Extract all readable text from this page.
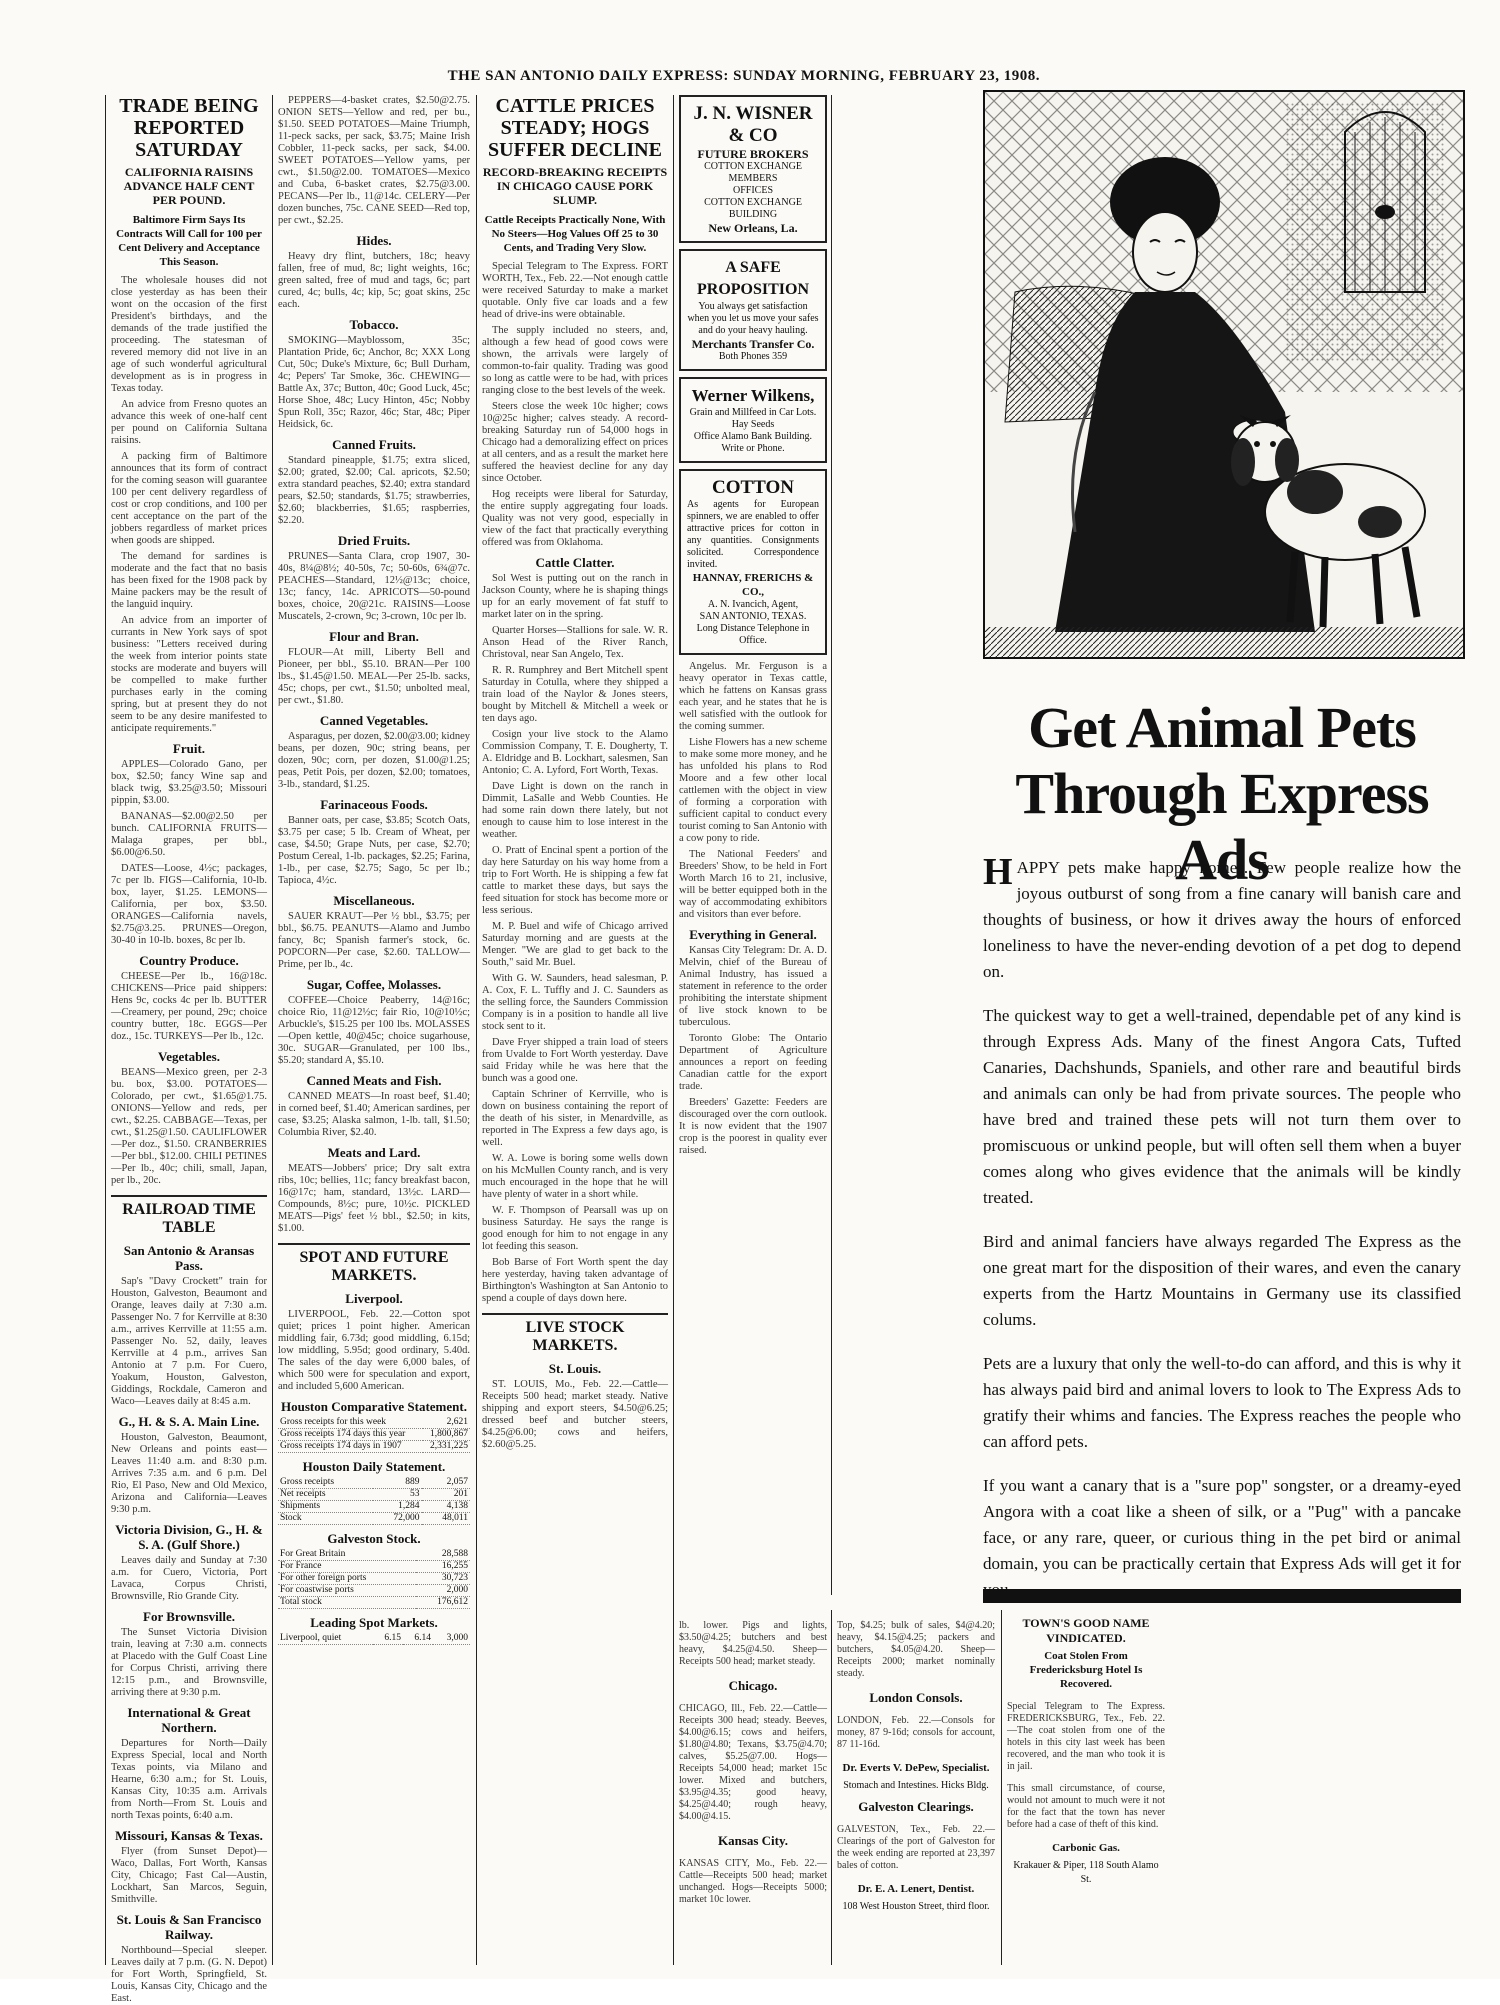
THE SAN ANTONIO DAILY EXPRESS: SUNDAY MORNING, FEBRUARY 23, 1908.
TRADE BEING REPORTED SATURDAY
CALIFORNIA RAISINS ADVANCE HALF CENT PER POUND.
Baltimore Firm Says Its Contracts Will Call for 100 per Cent Delivery and Acceptance This Season.

The wholesale houses did not close yesterday as has been their wont on the occasion of the first President's birthdays, and the demands of the trade justified the proceeding. The statesman of revered memory did not live in an age of such wonderful agricultural development as is in progress in Texas today.

An advice from Fresno quotes an advance this week of one-half cent per pound on California Sultana raisins.

A packing firm of Baltimore announces that its form of contract for the coming season will guarantee 100 per cent delivery regardless of cost or crop conditions, and 100 per cent acceptance on the part of the jobbers regardless of market prices when goods are shipped.

The demand for sardines is moderate and the fact that no basis has been fixed for the 1908 pack by Maine packers may be the result of the languid inquiry.

An advice from an importer of currants in New York says of spot business: "Letters received during the week from interior points state stocks are moderate and buyers will be compelled to make further purchases early in the coming spring, but at present they do not seem to be any desire manifested to anticipate requirements."

Fruit.

APPLES—Colorado Gano, per box, $2.50; fancy Wine sap and black twig, $3.25@3.50; Missouri pippin, $3.00.

BANANAS—$2.00@2.50 per bunch. CALIFORNIA FRUITS—Malaga grapes, per bbl., $6.00@6.50.

DATES—Loose, 4½c; packages, 7c per lb. FIGS—California, 10-lb. box, layer, $1.25. LEMONS—California, per box, $3.50. ORANGES—California navels, $2.75@3.25. PRUNES—Oregon, 30-40 in 10-lb. boxes, 8c per lb.

Country Produce.

CHEESE—Per lb., 16@18c. CHICKENS—Price paid shippers: Hens 9c, cocks 4c per lb. BUTTER—Creamery, per pound, 29c; choice country butter, 18c. EGGS—Per doz., 15c. TURKEYS—Per lb., 12c.

Vegetables.

BEANS—Mexico green, per 2-3 bu. box, $3.00. POTATOES—Colorado, per cwt., $1.65@1.75. ONIONS—Yellow and reds, per cwt., $2.25. CABBAGE—Texas, per cwt., $1.25@1.50. CAULIFLOWER—Per doz., $1.50. CRANBERRIES—Per bbl., $12.00. CHILI PETINES—Per lb., 40c; chili, small, Japan, per lb., 20c.

RAILROAD TIME TABLE
San Antonio & Aransas Pass.

Sap's "Davy Crockett" train for Houston, Galveston, Beaumont and Orange, leaves daily at 7:30 a.m. Passenger No. 7 for Kerrville at 8:30 a.m., arrives Kerrville at 11:55 a.m. Passenger No. 52, daily, leaves Kerrville at 4 p.m., arrives San Antonio at 7 p.m. For Cuero, Yoakum, Houston, Galveston, Giddings, Rockdale, Cameron and Waco—Leaves daily at 8:45 a.m.

G., H. & S. A. Main Line.

Houston, Galveston, Beaumont, New Orleans and points east—Leaves 11:40 a.m. and 8:30 p.m. Arrives 7:35 a.m. and 6 p.m. Del Rio, El Paso, New and Old Mexico, Arizona and California—Leaves 9:30 p.m.

Victoria Division, G., H. & S. A. (Gulf Shore.)

Leaves daily and Sunday at 7:30 a.m. for Cuero, Victoria, Port Lavaca, Corpus Christi, Brownsville, Rio Grande City.

For Brownsville.

The Sunset Victoria Division train, leaving at 7:30 a.m. connects at Placedo with the Gulf Coast Line for Corpus Christi, arriving there 12:15 p.m., and Brownsville, arriving there at 9:30 p.m.

International & Great Northern.

Departures for North—Daily Express Special, local and North Texas points, via Milano and Hearne, 6:30 a.m.; for St. Louis, Kansas City, 10:35 a.m. Arrivals from North—From St. Louis and north Texas points, 6:40 a.m.

Missouri, Kansas & Texas.

Flyer (from Sunset Depot)—Waco, Dallas, Fort Worth, Kansas City, Chicago; Fast Cal—Austin, Lockhart, San Marcos, Seguin, Smithville.

St. Louis & San Francisco Railway.

Northbound—Special sleeper. Leaves daily at 7 p.m. (G. N. Depot) for Fort Worth, Springfield, St. Louis, Kansas City, Chicago and the East.

PEPPERS—4-basket crates, $2.50@2.75. ONION SETS—Yellow and red, per bu., $1.50. SEED POTATOES—Maine Triumph, 11-peck sacks, per sack, $3.75; Maine Irish Cobbler, 11-peck sacks, per sack, $4.00. SWEET POTATOES—Yellow yams, per cwt., $1.50@2.00. TOMATOES—Mexico and Cuba, 6-basket crates, $2.75@3.00. PECANS—Per lb., 11@14c. CELERY—Per dozen bunches, 75c. CANE SEED—Red top, per cwt., $2.25.

Hides.

Heavy dry flint, butchers, 18c; heavy fallen, free of mud, 8c; light weights, 16c; green salted, free of mud and tags, 6c; part cured, 4c; bulls, 4c; kip, 5c; goat skins, 25c each.

Tobacco.

SMOKING—Mayblossom, 35c; Plantation Pride, 6c; Anchor, 8c; XXX Long Cut, 50c; Duke's Mixture, 6c; Bull Durham, 4c; Pepers' Tar Smoke, 36c. CHEWING—Battle Ax, 37c; Button, 40c; Good Luck, 45c; Horse Shoe, 48c; Lucy Hinton, 45c; Nobby Spun Roll, 35c; Razor, 46c; Star, 48c; Piper Heidsick, 6c.

Canned Fruits.

Standard pineapple, $1.75; extra sliced, $2.00; grated, $2.00; Cal. apricots, $2.50; extra standard peaches, $2.40; extra standard pears, $2.50; standards, $1.75; strawberries, $2.60; blackberries, $1.65; raspberries, $2.20.

Dried Fruits.

PRUNES—Santa Clara, crop 1907, 30-40s, 8¼@8½; 40-50s, 7c; 50-60s, 6¾@7c. PEACHES—Standard, 12½@13c; choice, 13c; fancy, 14c. APRICOTS—50-pound boxes, choice, 20@21c. RAISINS—Loose Muscatels, 2-crown, 9c; 3-crown, 10c per lb.

Flour and Bran.

FLOUR—At mill, Liberty Bell and Pioneer, per bbl., $5.10. BRAN—Per 100 lbs., $1.45@1.50. MEAL—Per 25-lb. sacks, 45c; chops, per cwt., $1.50; unbolted meal, per cwt., $1.80.

Canned Vegetables.

Asparagus, per dozen, $2.00@3.00; kidney beans, per dozen, 90c; string beans, per dozen, 90c; corn, per dozen, $1.00@1.25; peas, Petit Pois, per dozen, $2.00; tomatoes, 3-lb., standard, $1.25.

Farinaceous Foods.

Banner oats, per case, $3.85; Scotch Oats, $3.75 per case; 5 lb. Cream of Wheat, per case, $4.50; Grape Nuts, per case, $2.70; Postum Cereal, 1-lb. packages, $2.25; Farina, 1-lb., per case, $2.75; Sago, 5c per lb.; Tapioca, 4½c.

Miscellaneous.

SAUER KRAUT—Per ½ bbl., $3.75; per bbl., $6.75. PEANUTS—Alamo and Jumbo fancy, 8c; Spanish farmer's stock, 6c. POPCORN—Per case, $2.60. TALLOW—Prime, per lb., 4c.

Sugar, Coffee, Molasses.

COFFEE—Choice Peaberry, 14@16c; choice Rio, 11@12½c; fair Rio, 10@10½c; Arbuckle's, $15.25 per 100 lbs. MOLASSES—Open kettle, 40@45c; choice sugarhouse, 30c. SUGAR—Granulated, per 100 lbs., $5.20; standard A, $5.10.

Canned Meats and Fish.

CANNED MEATS—In roast beef, $1.40; in corned beef, $1.40; American sardines, per case, $3.25; Alaska salmon, 1-lb. tall, $1.50; Columbia River, $2.40.

Meats and Lard.

MEATS—Jobbers' price; Dry salt extra ribs, 10c; bellies, 11c; fancy breakfast bacon, 16@17c; ham, standard, 13½c. LARD—Compounds, 8½c; pure, 10½c. PICKLED MEATS—Pigs' feet ½ bbl., $2.50; in kits, $1.00.

SPOT AND FUTURE MARKETS.
Liverpool.

LIVERPOOL, Feb. 22.—Cotton spot quiet; prices 1 point higher. American middling fair, 6.73d; good middling, 6.15d; low middling, 5.95d; good ordinary, 5.40d. The sales of the day were 6,000 bales, of which 500 were for speculation and export, and included 5,600 American.

Houston Comparative Statement.
Gross receipts for this week	2,621
Gross receipts 174 days this year	1,800,867
Gross receipts 174 days in 1907	2,331,225
Houston Daily Statement.
Gross receipts	889	2,057
Net receipts	53	201
Shipments	1,284	4,138
Stock	72,000	48,011
Galveston Stock.
For Great Britain	28,588
For France	16,255
For other foreign ports	30,723
For coastwise ports	2,000
Total stock	176,612
Leading Spot Markets.
Liverpool, quiet	6.15	6.14	3,000
CATTLE PRICES STEADY; HOGS SUFFER DECLINE
RECORD-BREAKING RECEIPTS IN CHICAGO CAUSE PORK SLUMP.
Cattle Receipts Practically None, With No Steers—Hog Values Off 25 to 30 Cents, and Trading Very Slow.

Special Telegram to The Express. FORT WORTH, Tex., Feb. 22.—Not enough cattle were received Saturday to make a market quotable. Only five car loads and a few head of drive-ins were obtainable.

The supply included no steers, and, although a few head of good cows were shown, the arrivals were largely of common-to-fair quality. Trading was good so long as cattle were to be had, with prices ranging close to the best levels of the week.

Steers close the week 10c higher; cows 10@25c higher; calves steady. A record-breaking Saturday run of 54,000 hogs in Chicago had a demoralizing effect on prices at all centers, and as a result the market here suffered the heaviest decline for any day since October.

Hog receipts were liberal for Saturday, the entire supply aggregating four loads. Quality was not very good, especially in view of the fact that practically everything offered was from Oklahoma.

Cattle Clatter.

Sol West is putting out on the ranch in Jackson County, where he is shaping things up for an early movement of fat stuff to market later on in the spring.

Quarter Horses—Stallions for sale. W. R. Anson Head of the River Ranch, Christoval, near San Angelo, Tex.

R. R. Rumphrey and Bert Mitchell spent Saturday in Cotulla, where they shipped a train load of the Naylor & Jones steers, bought by Mitchell & Mitchell a week or ten days ago.

Cosign your live stock to the Alamo Commission Company, T. E. Dougherty, T. A. Eldridge and B. Lockhart, salesmen, San Antonio; C. A. Lyford, Fort Worth, Texas.

Dave Light is down on the ranch in Dimmit, LaSalle and Webb Counties. He had some rain down there lately, but not enough to cause him to lose interest in the weather.

O. Pratt of Encinal spent a portion of the day here Saturday on his way home from a trip to Fort Worth. He is shipping a few fat cattle to market these days, but says the feed situation for stock has become more or less serious.

M. P. Buel and wife of Chicago arrived Saturday morning and are guests at the Menger. "We are glad to get back to the South," said Mr. Buel.

With G. W. Saunders, head salesman, P. A. Cox, F. L. Tuffly and J. C. Saunders as the selling force, the Saunders Commission Company is in a position to handle all live stock sent to it.

Dave Fryer shipped a train load of steers from Uvalde to Fort Worth yesterday. Dave said Friday while he was here that the bunch was a good one.

Captain Schriner of Kerrville, who is down on business containing the report of the death of his sister, in Menardville, as reported in The Express a few days ago, is well.

W. A. Lowe is boring some wells down on his McMullen County ranch, and is very much encouraged in the hope that he will have plenty of water in a short while.

W. F. Thompson of Pearsall was up on business Saturday. He says the range is good enough for him to not engage in any lot feeding this season.

Bob Barse of Fort Worth spent the day here yesterday, having taken advantage of Birthington's Washington at San Antonio to spend a couple of days down here.

LIVE STOCK MARKETS.
St. Louis.

ST. LOUIS, Mo., Feb. 22.—Cattle—Receipts 500 head; market steady. Native shipping and export steers, $4.50@6.25; dressed beef and butcher steers, $4.25@6.00; cows and heifers, $2.60@5.25.

J. N. WISNER & CO
FUTURE BROKERS
COTTON EXCHANGE MEMBERS
OFFICES
COTTON EXCHANGE BUILDING
New Orleans, La.
A SAFE PROPOSITION
You always get satisfaction when you let us move your safes and do your heavy hauling.
Merchants Transfer Co.
Both Phones 359
Werner Wilkens,
Grain and Millfeed in Car Lots.
Hay Seeds
Office Alamo Bank Building.
Write or Phone.
COTTON
As agents for European spinners, we are enabled to offer attractive prices for cotton in any quantities. Consignments solicited. Correspondence invited.
HANNAY, FRERICHS & CO.,
A. N. Ivancich, Agent,
SAN ANTONIO, TEXAS.
Long Distance Telephone in Office.

Angelus. Mr. Ferguson is a heavy operator in Texas cattle, which he fattens on Kansas grass each year, and he states that he is well satisfied with the outlook for the coming summer.

Lishe Flowers has a new scheme to make some more money, and he has unfolded his plans to Rod Moore and a few other local cattlemen with the object in view of forming a corporation with sufficient capital to conduct every tourist coming to San Antonio with a cow pony to ride.

The National Feeders' and Breeders' Show, to be held in Fort Worth March 16 to 21, inclusive, will be better equipped both in the way of accommodating exhibitors and visitors than ever before.

Everything in General.

Kansas City Telegram: Dr. A. D. Melvin, chief of the Bureau of Animal Industry, has issued a statement in reference to the order prohibiting the interstate shipment of live stock known to be tuberculous.

Toronto Globe: The Ontario Department of Agriculture announces a report on feeding Canadian cattle for the export trade.

Breeders' Gazette: Feeders are discouraged over the corn outlook. It is now evident that the 1907 crop is the poorest in quality ever raised.

Get Animal Pets
Through Express Ads

HAPPY pets make happy homes. Few people realize how the joyous outburst of song from a fine canary will banish care and thoughts of business, or how it drives away the hours of enforced loneliness to have the never-ending devotion of a pet dog to depend on.

The quickest way to get a well-trained, dependable pet of any kind is through Express Ads. Many of the finest Angora Cats, Tufted Canaries, Dachshunds, Spaniels, and other rare and beautiful birds and animals can only be had from private sources. The people who have bred and trained these pets will not turn them over to promiscuous or unkind people, but will often sell them when a buyer comes along who gives evidence that the animals will be kindly treated.

Bird and animal fanciers have always regarded The Express as the one great mart for the disposition of their wares, and even the canary experts from the Hartz Mountains in Germany use its classified colums.

Pets are a luxury that only the well-to-do can afford, and this is why it has always paid bird and animal lovers to look to The Express Ads to gratify their whims and fancies. The Express reaches the people who can afford pets.

If you want a canary that is a "sure pop" songster, or a dreamy-eyed Angora with a coat like a sheen of silk, or a "Pug" with a pancake face, or any rare, queer, or curious thing in the pet bird or animal domain, you can be practically certain that Express Ads will get it for

lb. lower. Pigs and lights, $3.50@4.25; butchers and best heavy, $4.25@4.50. Sheep—Receipts 500 head; market steady.

Chicago.

CHICAGO, Ill., Feb. 22.—Cattle—Receipts 300 head; steady. Beeves, $4.00@6.15; cows and heifers, $1.80@4.80; Texans, $3.75@4.70; calves, $5.25@7.00. Hogs—Receipts 54,000 head; market 15c lower. Mixed and butchers, $3.95@4.35; good heavy, $4.25@4.40; rough heavy, $4.00@4.15.

Kansas City.

KANSAS CITY, Mo., Feb. 22.—Cattle—Receipts 500 head; market unchanged. Hogs—Receipts 5000; market 10c lower.

Top, $4.25; bulk of sales, $4@4.20; heavy, $4.15@4.25; packers and butchers, $4.05@4.20. Sheep—Receipts 2000; market nominally steady.

London Consols.

LONDON, Feb. 22.—Consols for money, 87 9-16d; consols for account, 87 11-16d.

Dr. Everts V. DePew, Specialist.
Stomach and Intestines. Hicks Bldg.
Galveston Clearings.

GALVESTON, Tex., Feb. 22.—Clearings of the port of Galveston for the week ending are reported at 23,397 bales of cotton.

Dr. E. A. Lenert, Dentist.
108 West Houston Street, third floor.
TOWN'S GOOD NAME VINDICATED.
Coat Stolen From Fredericksburg Hotel Is Recovered.

Special Telegram to The Express. FREDERICKSBURG, Tex., Feb. 22.—The coat stolen from one of the hotels in this city last week has been recovered, and the man who took it is in jail.

This small circumstance, of course, would not amount to much were it not for the fact that the town has never before had a case of theft of this kind.

Carbonic Gas.
Krakauer & Piper, 118 South Alamo St.
